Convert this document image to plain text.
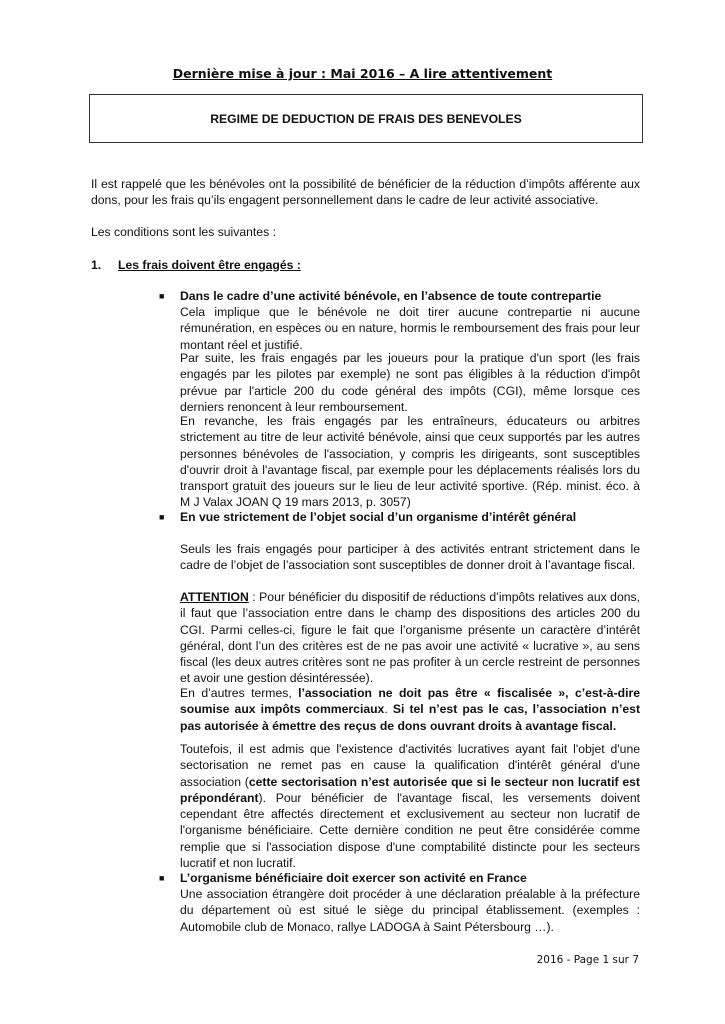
Dernière mise à jour : Mai 2016 – A lire attentivement
REGIME DE DEDUCTION DE FRAIS DES BENEVOLES
Il est rappelé que les bénévoles ont la possibilité de bénéficier de la réduction d’impôts afférente aux dons, pour les frais qu’ils engagent personnellement dans le cadre de leur activité associative.
Les conditions sont les suivantes :
1. Les frais doivent être engagés :
■ Dans le cadre d’une activité bénévole, en l’absence de toute contrepartie
Cela implique que le bénévole ne doit tirer aucune contrepartie ni aucune rémunération, en espèces ou en nature, hormis le remboursement des frais pour leur montant réel et justifié.
Par suite, les frais engagés par les joueurs pour la pratique d'un sport (les frais engagés par les pilotes par exemple) ne sont pas éligibles à la réduction d'impôt prévue par l'article 200 du code général des impôts (CGI), même lorsque ces derniers renoncent à leur remboursement.
En revanche, les frais engagés par les entraîneurs, éducateurs ou arbitres strictement au titre de leur activité bénévole, ainsi que ceux supportés par les autres personnes bénévoles de l'association, y compris les dirigeants, sont susceptibles d'ouvrir droit à l'avantage fiscal, par exemple pour les déplacements réalisés lors du transport gratuit des joueurs sur le lieu de leur activité sportive. (Rép. minist. éco. à M J Valax JOAN Q 19 mars 2013, p. 3057)
■ En vue strictement de l’objet social d’un organisme d’intérêt général
Seuls les frais engagés pour participer à des activités entrant strictement dans le cadre de l’objet de l’association sont susceptibles de donner droit à l’avantage fiscal.
ATTENTION : Pour bénéficier du dispositif de réductions d’impôts relatives aux dons, il faut que l’association entre dans le champ des dispositions des articles 200 du CGI. Parmi celles-ci, figure le fait que l’organisme présente un caractère d’intérêt général, dont l’un des critères est de ne pas avoir une activité « lucrative », au sens fiscal (les deux autres critères sont ne pas profiter à un cercle restreint de personnes et avoir une gestion désintéressée).
En d’autres termes, l’association ne doit pas être « fiscalisée », c’est-à-dire soumise aux impôts commerciaux. Si tel n’est pas le cas, l’association n’est pas autorisée à émettre des reçus de dons ouvrant droits à avantage fiscal.
Toutefois, il est admis que l'existence d'activités lucratives ayant fait l'objet d'une sectorisation ne remet pas en cause la qualification d'intérêt général d'une association (cette sectorisation n’est autorisée que si le secteur non lucratif est prépondérant). Pour bénéficier de l'avantage fiscal, les versements doivent cependant être affectés directement et exclusivement au secteur non lucratif de l'organisme bénéficiaire. Cette dernière condition ne peut être considérée comme remplie que si l'association dispose d'une comptabilité distincte pour les secteurs lucratif et non lucratif.
■ L’organisme bénéficiaire doit exercer son activité en France
Une association étrangère doit procéder à une déclaration préalable à la préfecture du département où est situé le siège du principal établissement. (exemples : Automobile club de Monaco, rallye LADOGA à Saint Pétersbourg …).
2016 - Page 1 sur 7
